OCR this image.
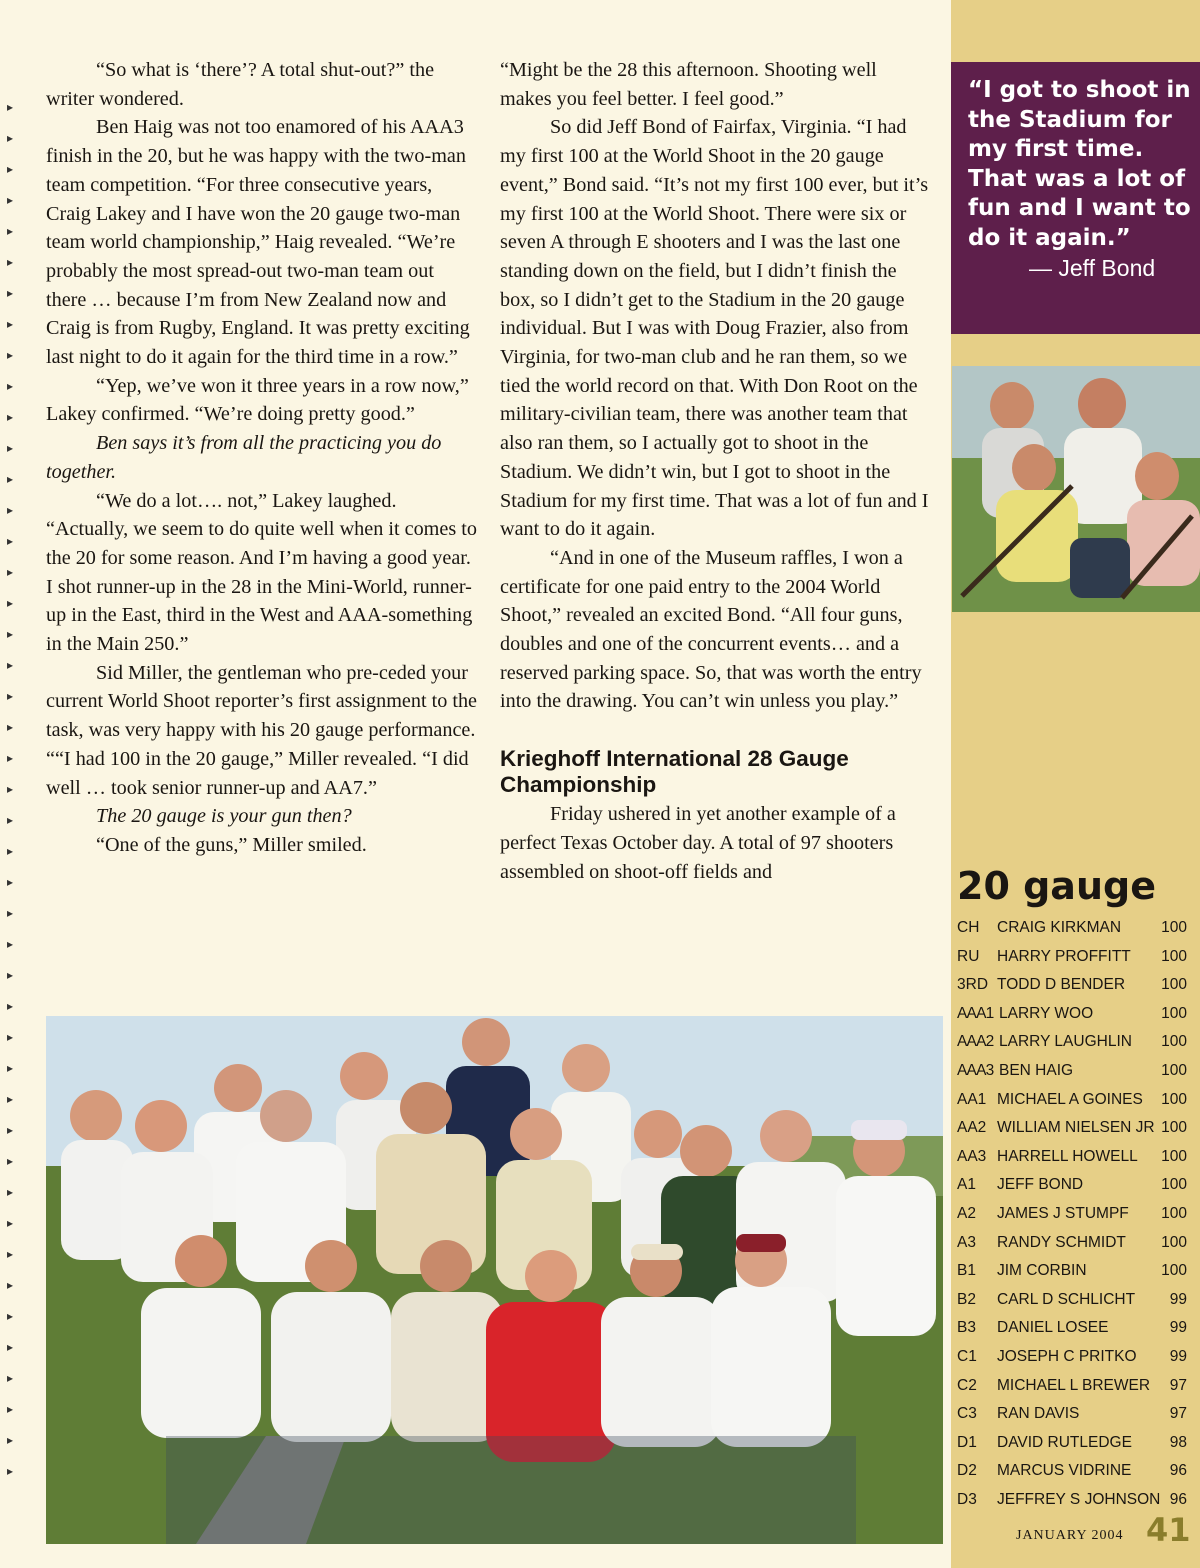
▸
▸
▸
▸
▸
▸
▸
▸
▸
▸
▸
▸
▸
▸
▸
▸
▸
▸
▸
▸
▸
▸
▸
▸
▸
▸
▸
▸
▸
▸
▸
▸
▸
▸
▸
▸
▸
▸
▸
▸
▸
▸
▸
▸
▸

“So what is ‘there’? A total shut-out?” the writer wondered.

Ben Haig was not too enamored of his AAA3 finish in the 20, but he was happy with the two-man team competition. “For three consecutive years, Craig Lakey and I have won the 20 gauge two-man team world championship,” Haig revealed. “We’re probably the most spread-out two-man team out there … because I’m from New Zealand now and Craig is from Rugby, England. It was pretty exciting last night to do it again for the third time in a row.”

“Yep, we’ve won it three years in a row now,” Lakey confirmed. “We’re doing pretty good.”

Ben says it’s from all the practicing you do together.

“We do a lot…. not,” Lakey laughed. “Actually, we seem to do quite well when it comes to the 20 for some reason. And I’m having a good year. I shot runner-up in the 28 in the Mini-World, runner-up in the East, third in the West and AAA-something in the Main 250.”

Sid Miller, the gentleman who pre-ceded your current World Shoot reporter’s first assignment to the task, was very happy with his 20 gauge performance. ““I had 100 in the 20 gauge,” Miller revealed. “I did well … took senior runner-up and AA7.”

The 20 gauge is your gun then?

“One of the guns,” Miller smiled.

“Might be the 28 this afternoon. Shooting well makes you feel better. I feel good.”

So did Jeff Bond of Fairfax, Virginia. “I had my first 100 at the World Shoot in the 20 gauge event,” Bond said. “It’s not my first 100 ever, but it’s my first 100 at the World Shoot. There were six or seven A through E shooters and I was the last one standing down on the field, but I didn’t finish the box, so I didn’t get to the Stadium in the 20 gauge individual. But I was with Doug Frazier, also from Virginia, for two-man club and he ran them, so we tied the world record on that. With Don Root on the military-civilian team, there was another team that also ran them, so I actually got to shoot in the Stadium. We didn’t win, but I got to shoot in the Stadium for my first time. That was a lot of fun and I want to do it again.

“And in one of the Museum raffles, I won a certificate for one paid entry to the 2004 World Shoot,” revealed an excited Bond. “All four guns, doubles and one of the concurrent events… and a reserved parking space. So, that was worth the entry into the drawing. You can’t win unless you play.”

Krieghoff International 28 Gauge Championship

Friday ushered in yet another example of a perfect Texas October day. A total of 97 shooters assembled on shoot-off fields and

“I got to shoot in the Stadium for my first time. That was a lot of fun and I want to do it again.”
— Jeff Bond
20 gauge
CH CRAIG KIRKMAN	100
RU HARRY PROFFITT 100
3RD TODD D BENDER 100
AAA1 LARRY WOO	100
AAA2 LARRY LAUGHLIN 100
AAA3 BEN HAIG	100
AA1 MICHAEL A GOINES 100
AA2 WILLIAM NIELSEN JR 100
AA3 HARRELL HOWELL 100
A1 JEFF BOND	100
A2 JAMES J STUMPF 100
A3 RANDY SCHMIDT 100
B1 JIM CORBIN	100
B2 CARL D SCHLICHT 99
B3 DANIEL LOSEE	99
C1 JOSEPH C PRITKO 99
C2 MICHAEL L BREWER 97
C3 RAN DAVIS	97
D1 DAVID RUTLEDGE 98
D2 MARCUS VIDRINE 96
D3 JEFFREY S JOHNSON 96
JANUARY 2004 41
